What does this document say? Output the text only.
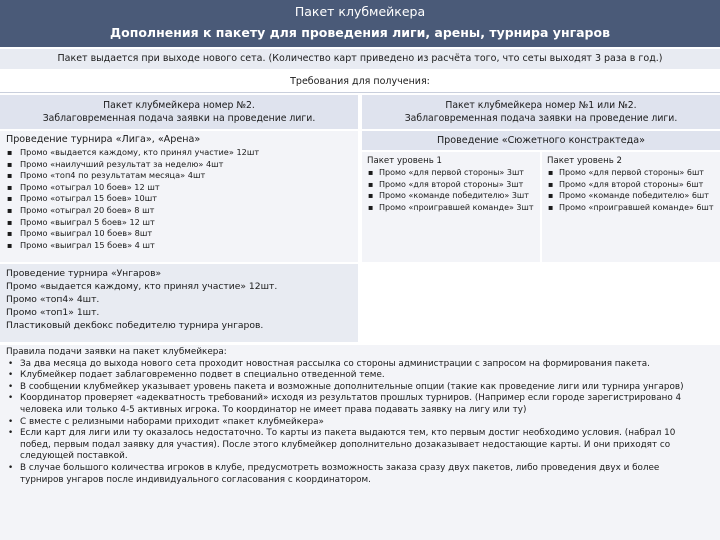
Пакет клубмейкера
Дополнения к пакету для проведения лиги, арены, турнира унгаров
Пакет выдается при выходе нового сета. (Количество карт приведено из расчёта того, что сеты выходят 3 раза в год.)
Требования для получения:
Пакет клубмейкера номер №2.
Заблаговременная подача заявки на проведение лиги.
Пакет клубмейкера номер №1 или №2.
Заблаговременная подача заявки на проведение лиги.
Проведение турнира «Лига», «Арена»
▪ Промо «выдается каждому, кто принял участие» 12шт
▪ Промо «наилучший результат за неделю» 4шт
▪ Промо «топ4 по результатам месяца» 4шт
▪ Промо «отыграл 10 боев» 12 шт
▪ Промо «отыграл 15 боев» 10шт
▪ Промо «отыграл 20 боев» 8 шт
▪ Промо «выиграл 5 боев» 12 шт
▪ Промо «выиграл 10 боев» 8шт
▪ Промо «выиграл 15 боев» 4 шт
Проведение «Сюжетного констрактеда»
Пакет уровень 1
▪ Промо «для первой стороны» 3шт
▪ Промо «для второй стороны» 3шт
▪ Промо «команде победителю» 3шт
▪ Промо «проигравшей команде» 3шт
Пакет уровень 2
▪ Промо «для первой стороны» 6шт
▪ Промо «для второй стороны» 6шт
▪ Промо «команде победителю» 6шт
▪ Промо «проигравшей команде» 6шт
Проведение турнира «Унгаров»
Промо «выдается каждому, кто принял участие» 12шт.
Промо «топ4» 4шт.
Промо «топ1» 1шт.
Пластиковый декбокс победителю турнира унгаров.
Правила подачи заявки на пакет клубмейкера:
• За два месяца до выхода нового сета проходит новостная рассылка со стороны администрации с запросом на формирования пакета.
• Клубмейкер подает заблаговременно подвет в специально отведенной теме.
• В сообщении клубмейкер указывает уровень пакета и возможные дополнительные опции (такие как проведение лиги или турнира унгаров)
• Координатор проверяет «адекватность требований» исходя из результатов прошлых турниров. (Например если городе зарегистрировано 4 человека или только 4-5 активных игрока. То координатор не имеет права подавать заявку на лигу или ту)
• С вместе с релизными наборами приходит «пакет клубмейкера»
• Если карт для лиги или ту оказалось недостаточно. То карты из пакета выдаются тем, кто первым достиг необходимо условия. (набрал 10 побед, первым подал заявку для участия). После этого клубмейкер дополнительно дозаказывает недостающие карты. И они приходят со следующей поставкой.
• В случае большого количества игроков в клубе, предусмотреть возможность заказа сразу двух пакетов, либо проведения двух и более турниров унгаров после индивидуального согласования с координатором.
